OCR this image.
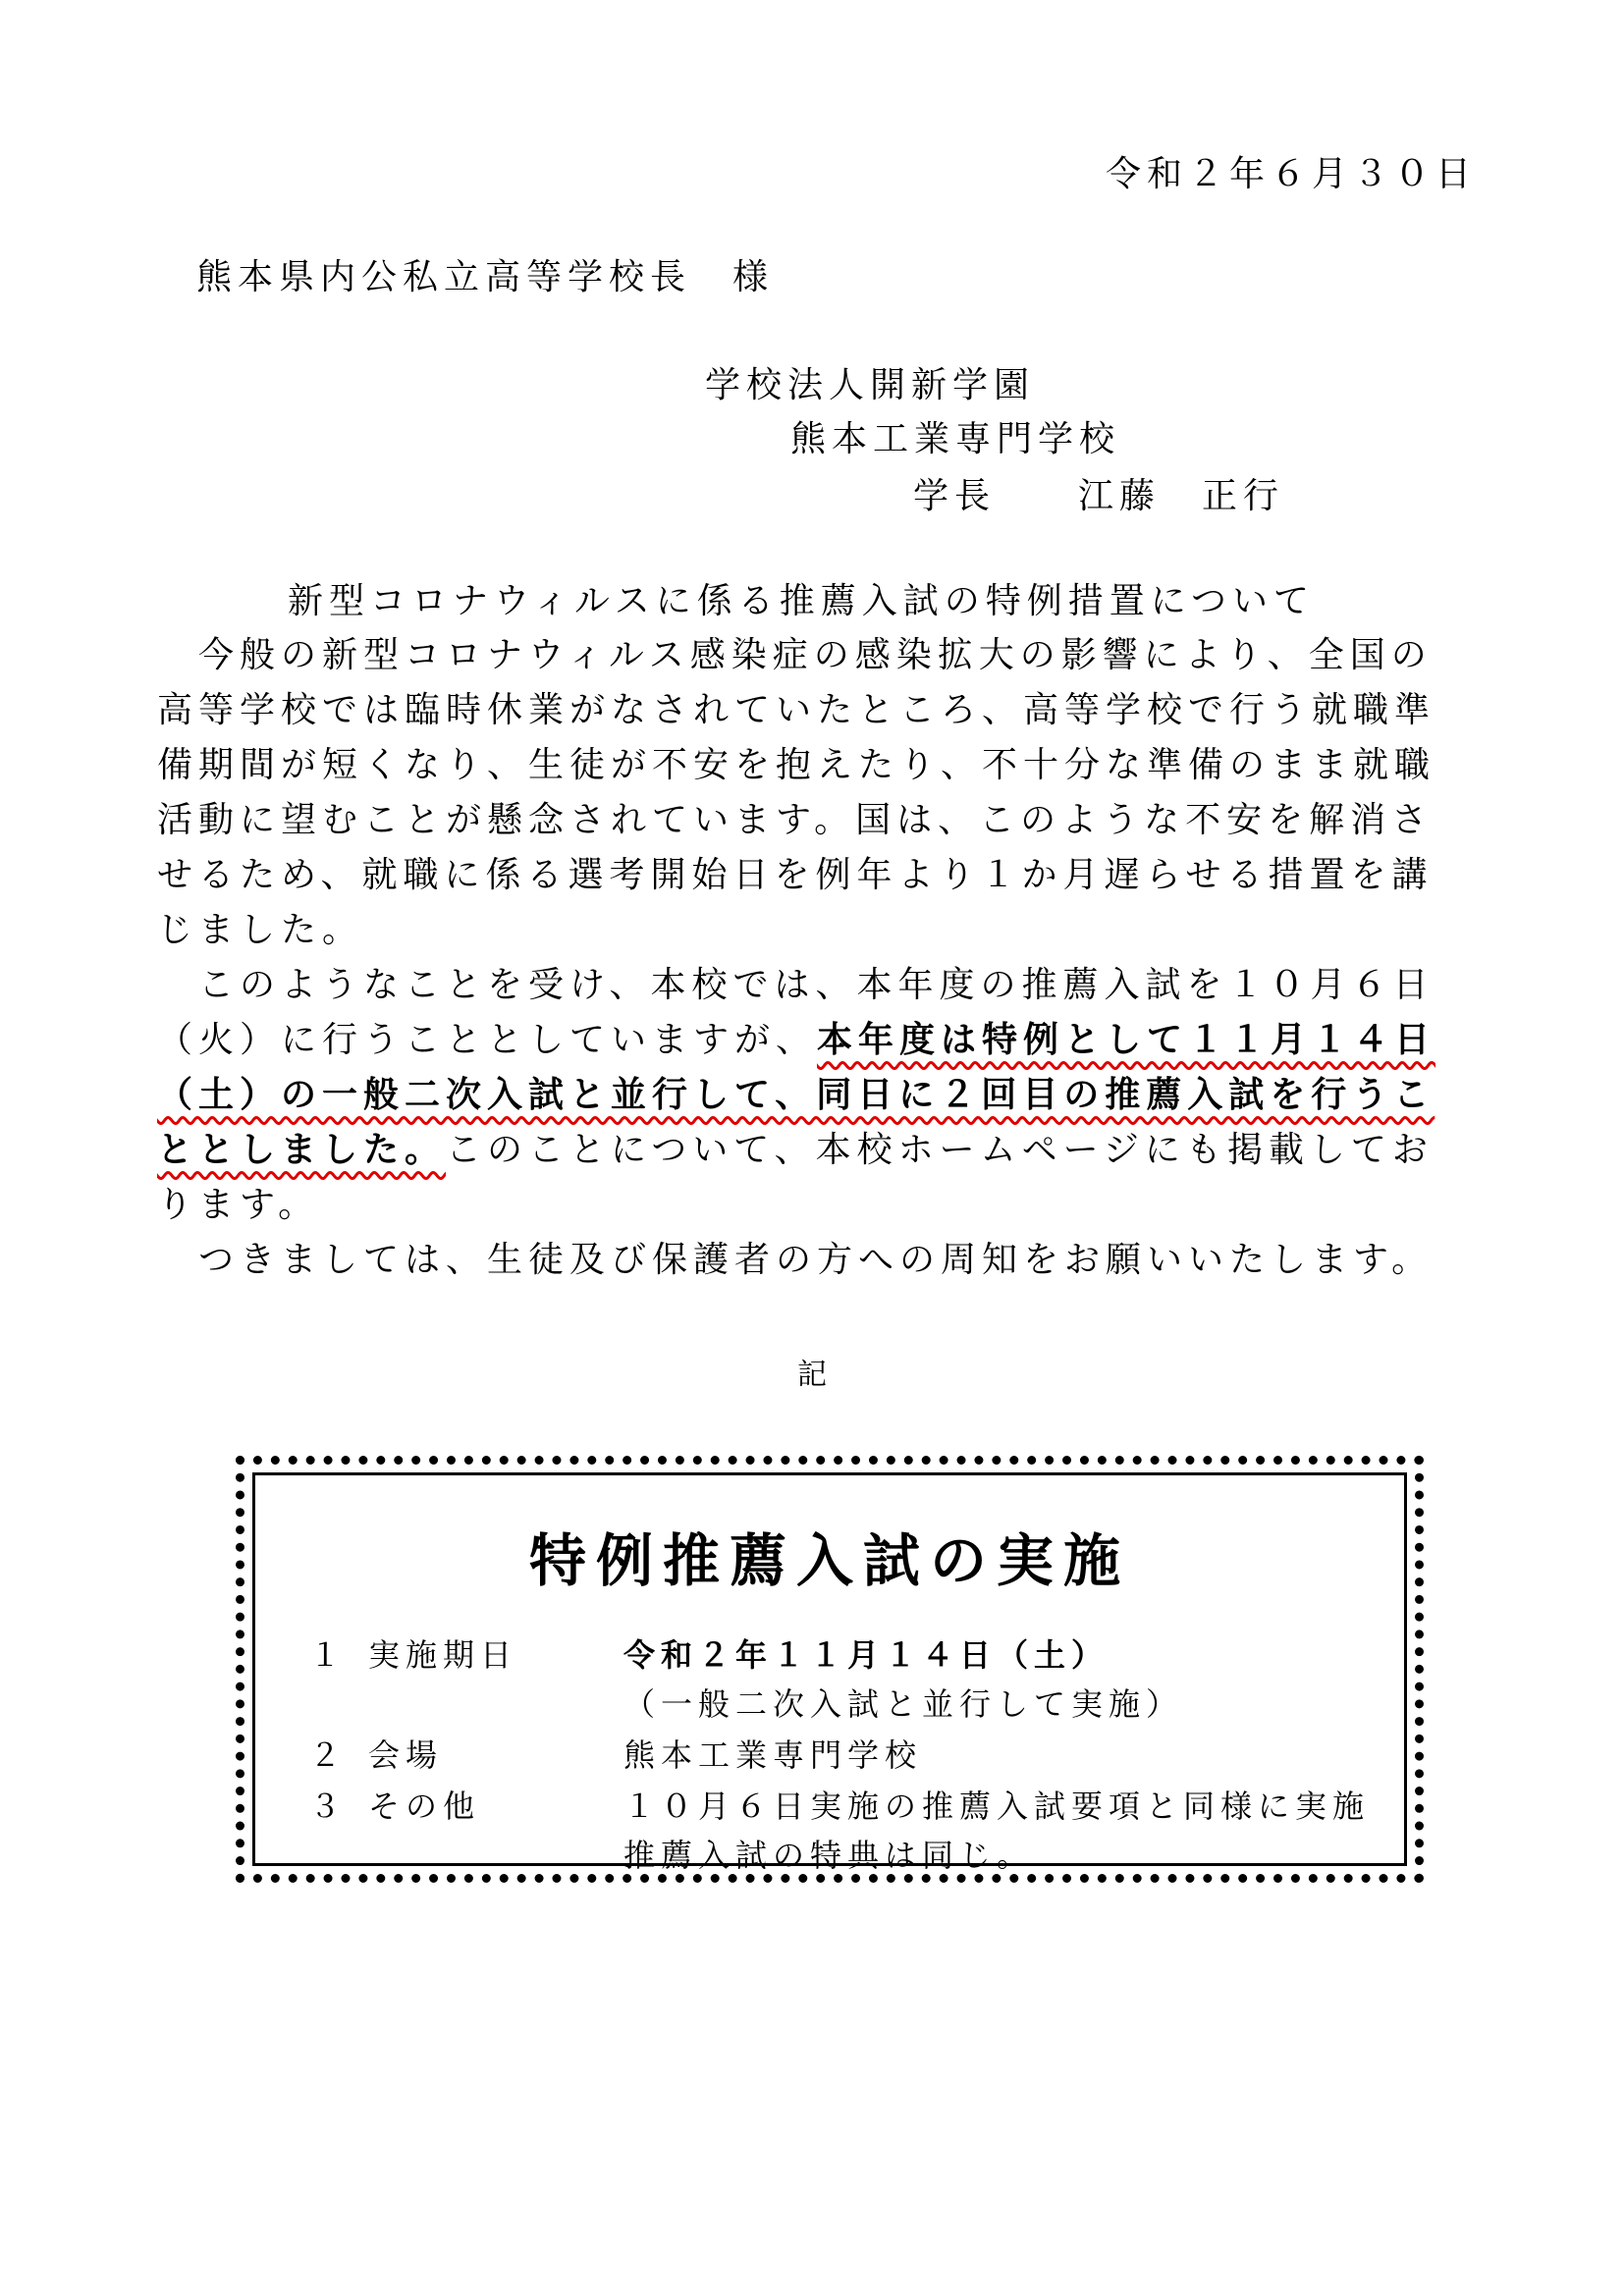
令和２年６月３０日
熊本県内公私立高等学校長　様
学校法人開新学園
熊本工業専門学校
学長　　江藤　正行
新型コロナウィルスに係る推薦入試の特例措置について

今般の新型コロナウィルス感染症の感染拡大の影響により、全国の

高等学校では臨時休業がなされていたところ、高等学校で行う就職準

備期間が短くなり、生徒が不安を抱えたり、不十分な準備のまま就職

活動に望むことが懸念されています。国は、このような不安を解消さ

せるため、就職に係る選考開始日を例年より１か月遅らせる措置を講

じました。

このようなことを受け、本校では、本年度の推薦入試を１０月６日

（火）に行うこととしていますが、本年度は特例として１１月１４日

（土）の一般二次入試と並行して、同日に２回目の推薦入試を行うこ

ととしました。このことについて、本校ホームページにも掲載してお

ります。

つきましては、生徒及び保護者の方への周知をお願いいたします。

記
特例推薦入試の実施
１ 実施期日	令和２年１１月１４日（土）
（一般二次入試と並行して実施）
２ 会場	熊本工業専門学校
３ その他	１０月６日実施の推薦入試要項と同様に実施
推薦入試の特典は同じ。
